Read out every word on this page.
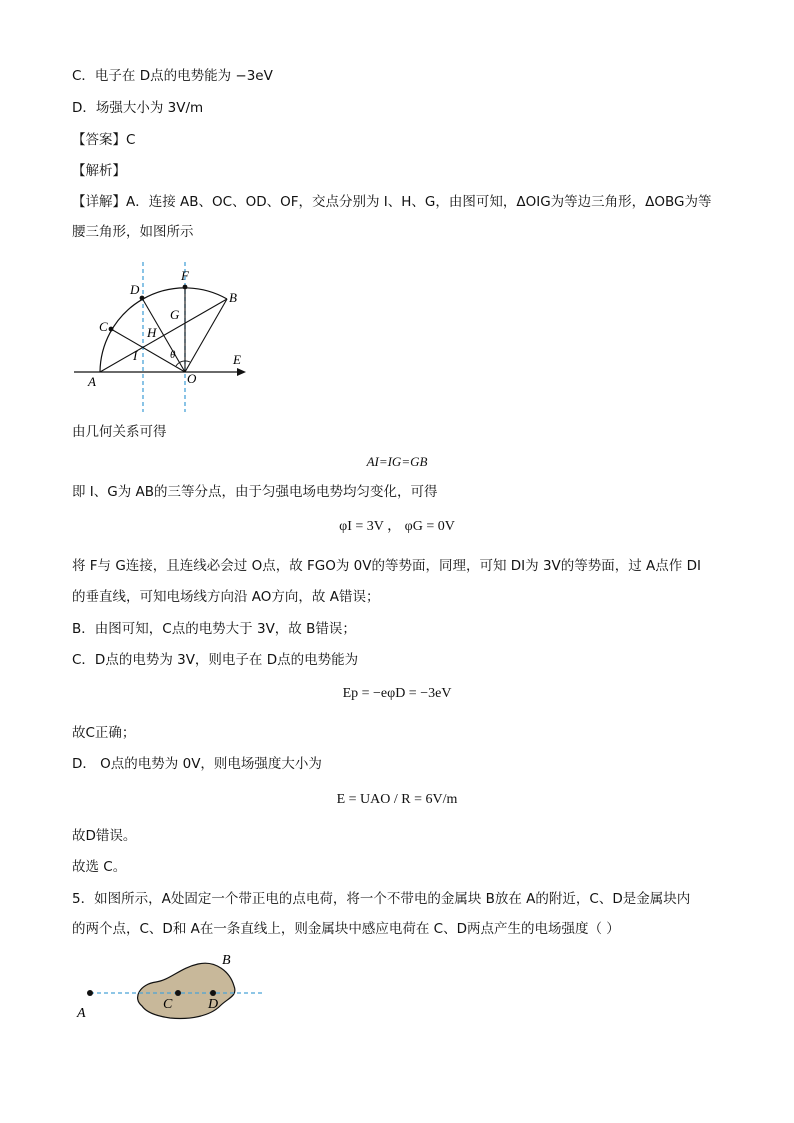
C．电子在 D点的电势能为 −3eV
D．场强大小为 3V/m
【答案】C
【解析】
【详解】A．连接 AB、OC、OD、OF，交点分别为 I、H、G，由图可知，ΔOIG为等边三角形，ΔOBG为等
腰三角形，如图所示
D
F
B
C	H
G
I	θ	E
A	O
由几何关系可得
AI=IG=GB
即 I、G为 AB的三等分点，由于匀强电场电势均匀变化，可得
φI = 3V ， φG = 0V
将 F与 G连接，且连线必会过 O点，故 FGO为 0V的等势面，同理，可知 DI为 3V的等势面，过 A点作 DI
的垂直线，可知电场线方向沿 AO方向，故 A错误；
B．由图可知，C点的电势大于 3V，故 B错误；
C．D点的电势为 3V，则电子在 D点的电势能为
Ep = −eφD = −3eV
故C正确；
D． O点的电势为 0V，则电场强度大小为
E = UAO / R = 6V/m
故D错误。
故选 C。
5．如图所示，A处固定一个带正电的点电荷，将一个不带电的金属块 B放在 A的附近，C、D是金属块内
的两个点，C、D和 A在一条直线上，则金属块中感应电荷在 C、D两点产生的电场强度（ ）
B
C	D
A
